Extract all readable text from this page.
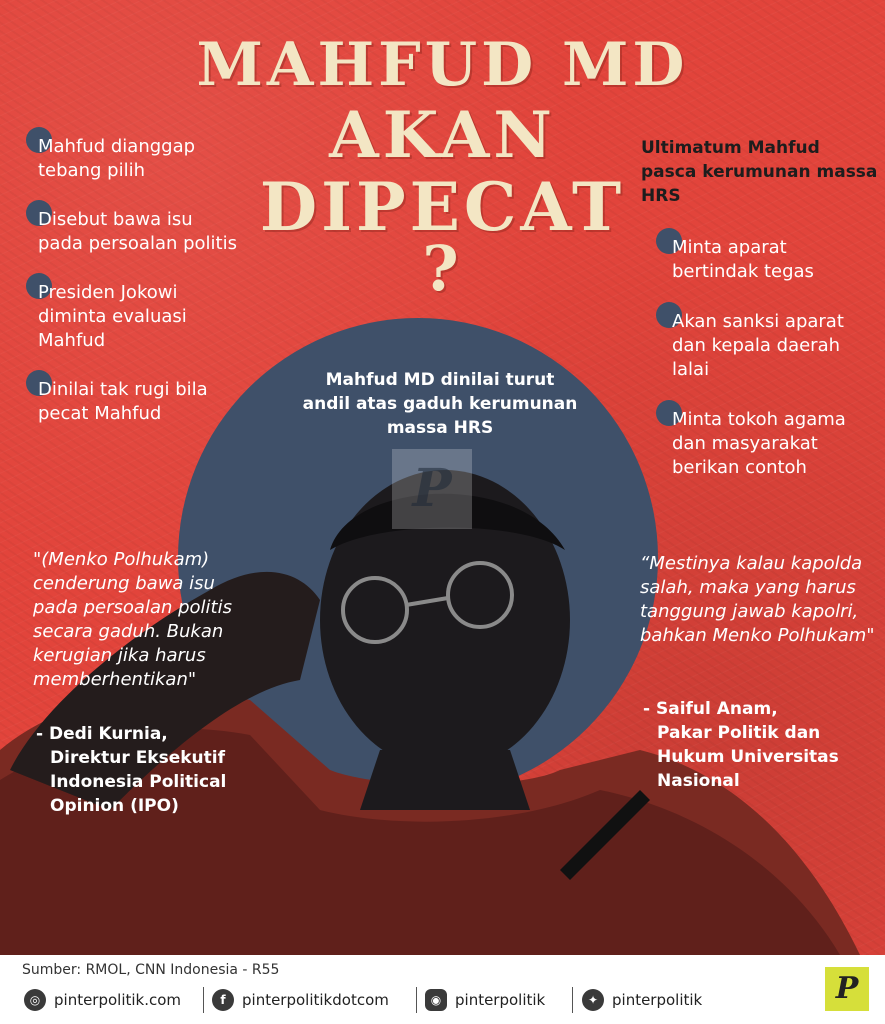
MAHFUD MD
AKAN
DIPECAT
?
Mahfud MD dinilai turut andil atas gaduh kerumunan massa HRS
P
Mahfud dianggap tebang pilih
Disebut bawa isu pada persoalan politis
Presiden Jokowi diminta evaluasi Mahfud
Dinilai tak rugi bila pecat Mahfud
Ultimatum Mahfud pasca kerumunan massa HRS
Minta aparat bertindak tegas
Akan sanksi aparat dan kepala daerah lalai
Minta tokoh agama dan masyarakat berikan contoh
"(Menko Polhukam) cenderung bawa isu pada persoalan politis secara gaduh. Bukan kerugian jika harus memberhentikan"
- Dedi Kurnia,
Direktur Eksekutif
Indonesia Political
Opinion (IPO)
“Mestinya kalau kapolda salah, maka yang harus tanggung jawab kapolri, bahkan Menko Polhukam"
- Saiful Anam,
Pakar Politik dan
Hukum Universitas
Nasional
Sumber: RMOL, CNN Indonesia - R55
◎ pinterpolitik.com	f	pinterpolitikdotcom	◉ pinterpolitik	✦ pinterpolitik	P
